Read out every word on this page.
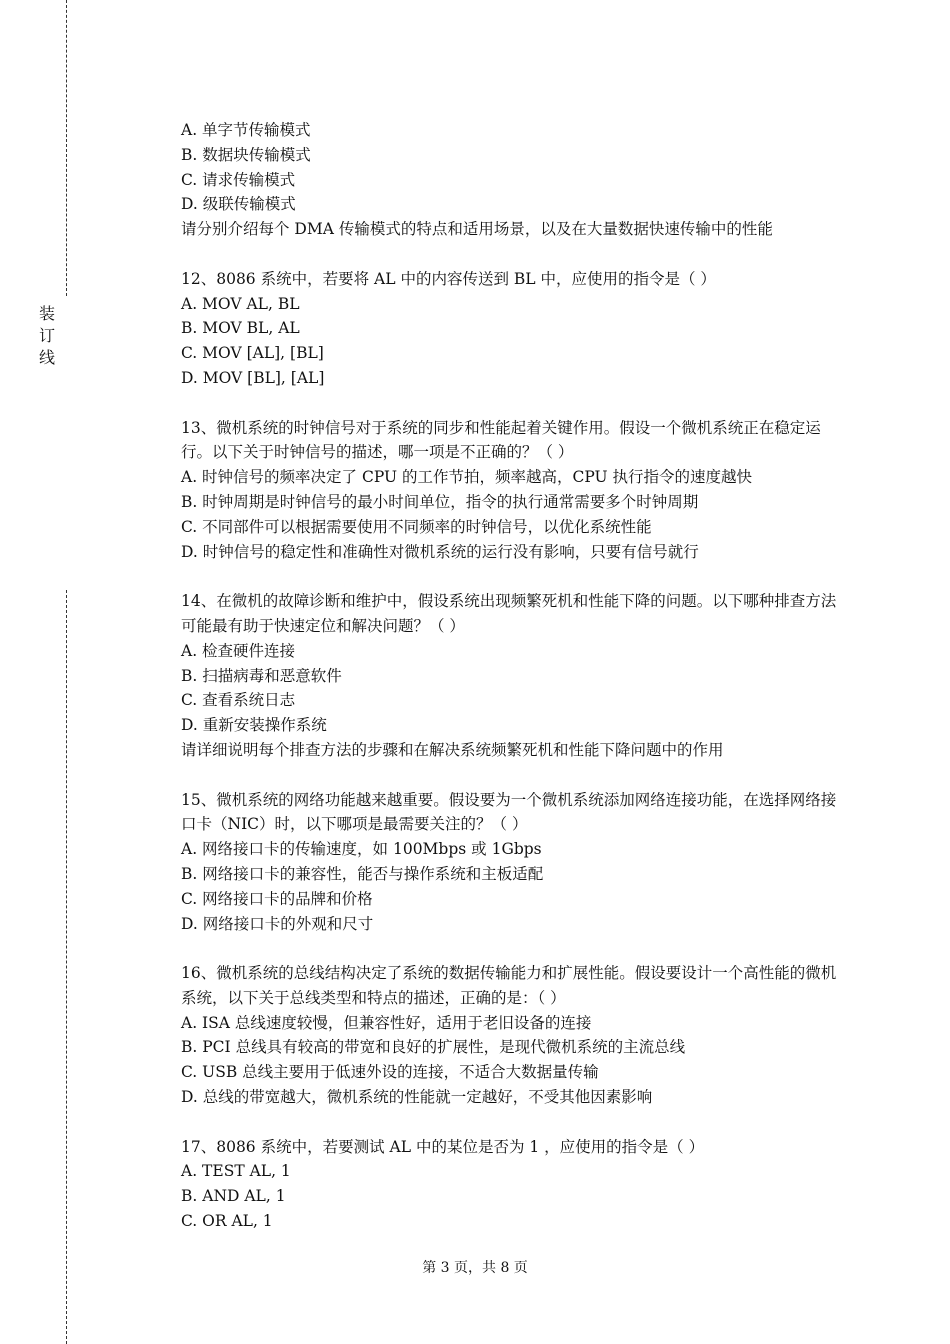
装
订
线
A. 单字节传输模式
B. 数据块传输模式
C. 请求传输模式
D. 级联传输模式
请分别介绍每个 DMA 传输模式的特点和适用场景，以及在大量数据快速传输中的性能
12、8086 系统中，若要将 AL 中的内容传送到 BL 中，应使用的指令是（ ）
A. MOV AL, BL
B. MOV BL, AL
C. MOV [AL], [BL]
D. MOV [BL], [AL]
13、微机系统的时钟信号对于系统的同步和性能起着关键作用。假设一个微机系统正在稳定运行。以下关于时钟信号的描述，哪一项是不正确的？（ ）
A. 时钟信号的频率决定了 CPU 的工作节拍，频率越高，CPU 执行指令的速度越快
B. 时钟周期是时钟信号的最小时间单位，指令的执行通常需要多个时钟周期
C. 不同部件可以根据需要使用不同频率的时钟信号，以优化系统性能
D. 时钟信号的稳定性和准确性对微机系统的运行没有影响，只要有信号就行
14、在微机的故障诊断和维护中，假设系统出现频繁死机和性能下降的问题。以下哪种排查方法可能最有助于快速定位和解决问题？（ ）
A. 检查硬件连接
B. 扫描病毒和恶意软件
C. 查看系统日志
D. 重新安装操作系统
请详细说明每个排查方法的步骤和在解决系统频繁死机和性能下降问题中的作用
15、微机系统的网络功能越来越重要。假设要为一个微机系统添加网络连接功能，在选择网络接口卡（NIC）时，以下哪项是最需要关注的？（ ）
A. 网络接口卡的传输速度，如 100Mbps 或 1Gbps
B. 网络接口卡的兼容性，能否与操作系统和主板适配
C. 网络接口卡的品牌和价格
D. 网络接口卡的外观和尺寸
16、微机系统的总线结构决定了系统的数据传输能力和扩展性能。假设要设计一个高性能的微机系统，以下关于总线类型和特点的描述，正确的是：（ ）
A. ISA 总线速度较慢，但兼容性好，适用于老旧设备的连接
B. PCI 总线具有较高的带宽和良好的扩展性，是现代微机系统的主流总线
C. USB 总线主要用于低速外设的连接，不适合大数据量传输
D. 总线的带宽越大，微机系统的性能就一定越好，不受其他因素影响
17、8086 系统中，若要测试 AL 中的某位是否为 1 ，应使用的指令是（ ）
A. TEST AL, 1
B. AND AL, 1
C. OR AL, 1
第 3 页，共 8 页
